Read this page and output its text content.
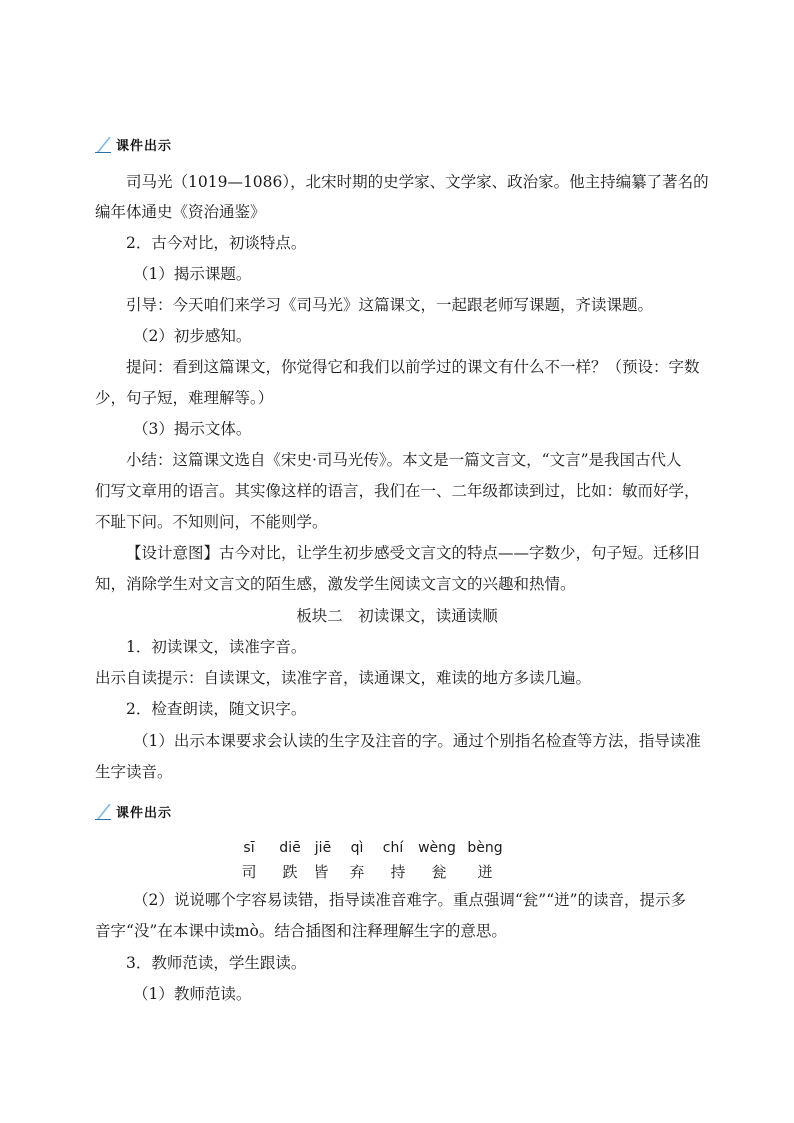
课件出示
司马光（1019—1086），北宋时期的史学家、文学家、政治家。他主持编纂了著名的
编年体通史《资治通鉴》
2．古今对比，初谈特点。
（1）揭示课题。
引导：今天咱们来学习《司马光》这篇课文，一起跟老师写课题，齐读课题。
（2）初步感知。
提问：看到这篇课文，你觉得它和我们以前学过的课文有什么不一样？（预设：字数
少，句子短，难理解等。）
（3）揭示文体。
小结：这篇课文选自《宋史·司马光传》。本文是一篇文言文，“文言”是我国古代人
们写文章用的语言。其实像这样的语言，我们在一、二年级都读到过，比如：敏而好学，
不耻下问。不知则问，不能则学。
【设计意图】古今对比，让学生初步感受文言文的特点——字数少，句子短。迁移旧
知，消除学生对文言文的陌生感，激发学生阅读文言文的兴趣和热情。
板块二　初读课文，读通读顺
1．初读课文，读准字音。
出示自读提示：自读课文，读准字音，读通课文，难读的地方多读几遍。
2．检查朗读，随文识字。
（1）出示本课要求会认读的生字及注音的字。通过个别指名检查等方法，指导读准
生字读音。
课件出示
sī diē jiē qì chí wèng bèng
司 跌 皆 弃 持 瓮 迸
（2）说说哪个字容易读错，指导读准音难字。重点强调“瓮”“迸”的读音，提示多
音字“没”在本课中读mò。结合插图和注释理解生字的意思。
3．教师范读，学生跟读。
（1）教师范读。
